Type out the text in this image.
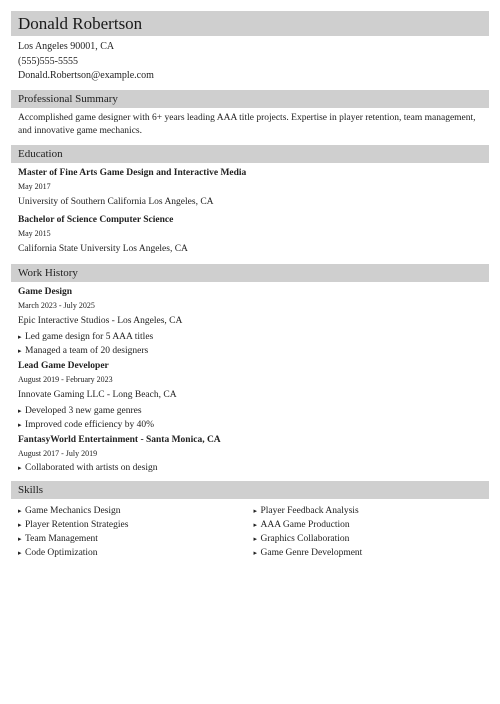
Donald Robertson
Los Angeles 90001, CA
(555)555-5555
Donald.Robertson@example.com
Professional Summary
Accomplished game designer with 6+ years leading AAA title projects. Expertise in player retention, team management, and innovative game mechanics.
Education
Master of Fine Arts Game Design and Interactive Media
May 2017
University of Southern California Los Angeles, CA
Bachelor of Science Computer Science
May 2015
California State University Los Angeles, CA
Work History
Game Design
March 2023 - July 2025
Epic Interactive Studios - Los Angeles, CA
▸ Led game design for 5 AAA titles
▸ Managed a team of 20 designers
Lead Game Developer
August 2019 - February 2023
Innovate Gaming LLC - Long Beach, CA
▸ Developed 3 new game genres
▸ Improved code efficiency by 40%
FantasyWorld Entertainment - Santa Monica, CA
August 2017 - July 2019
▸ Collaborated with artists on design
Skills
▸ Game Mechanics Design
▸ Player Retention Strategies
▸ Team Management
▸ Code Optimization
▸ Player Feedback Analysis
▸ AAA Game Production
▸ Graphics Collaboration
▸ Game Genre Development
